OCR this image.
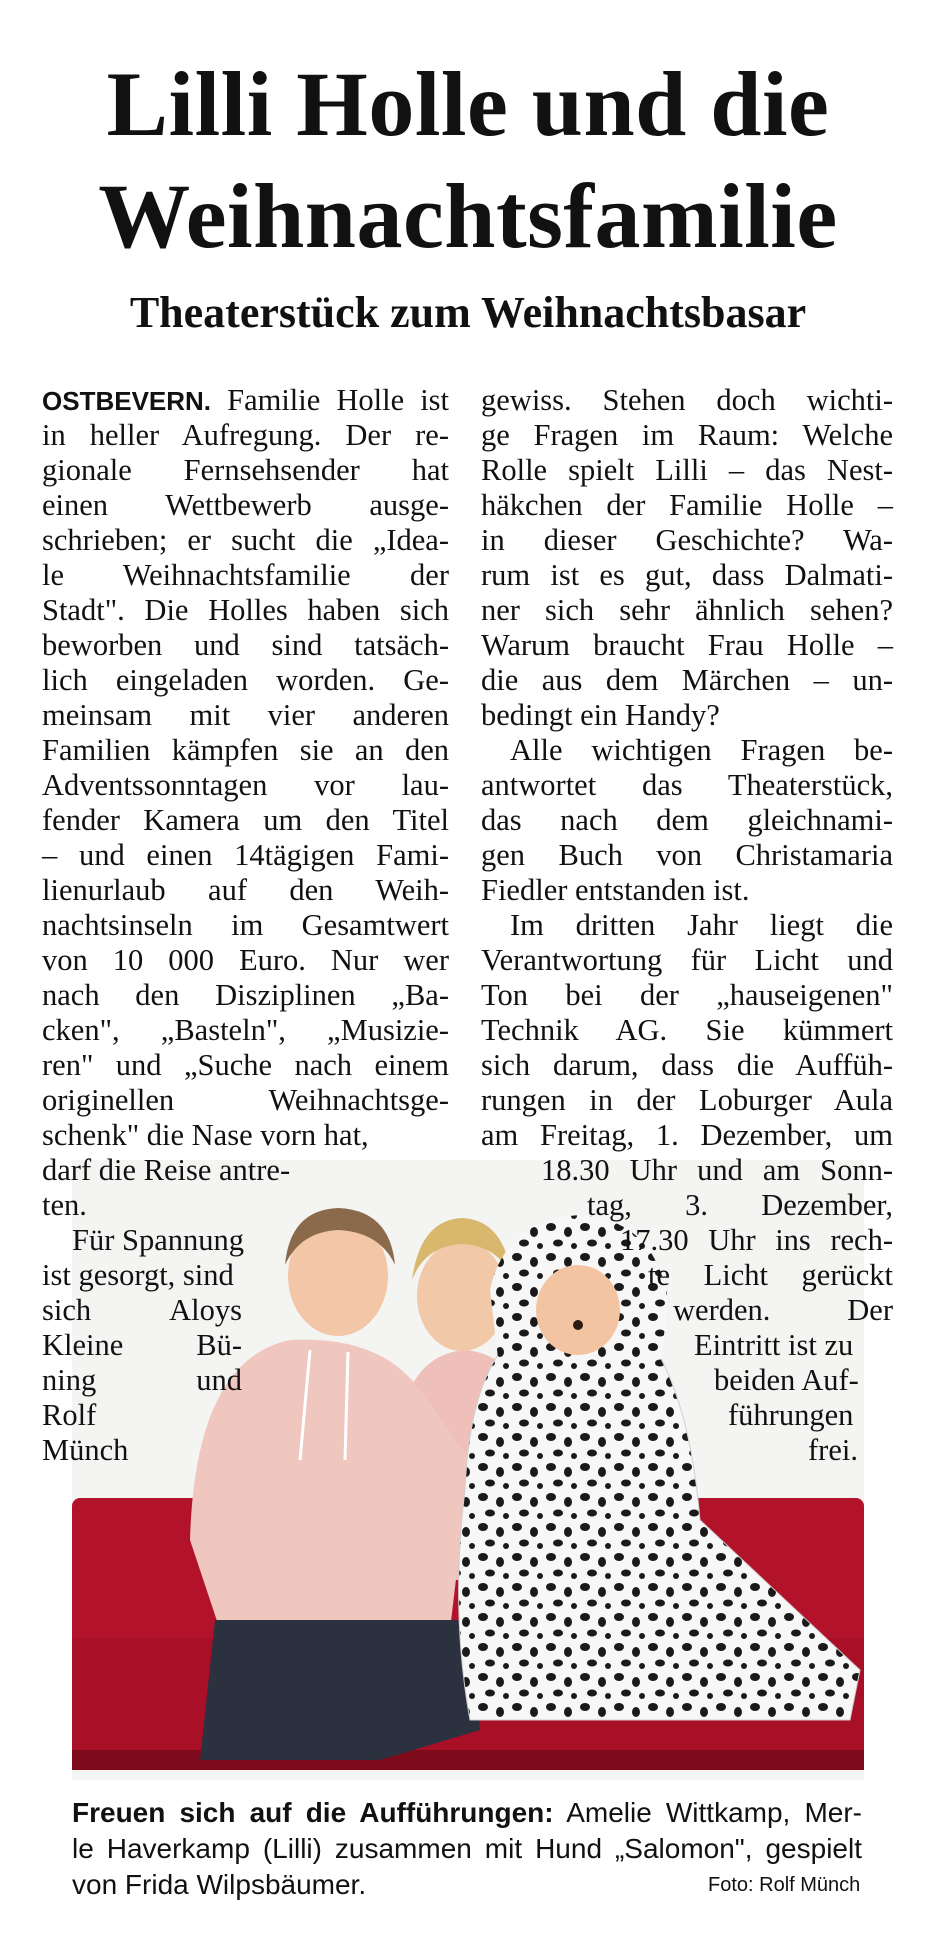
Lilli Holle und die
Weihnachtsfamilie
Theaterstück zum Weihnachtsbasar
OSTBEVERN. Familie Holle ist
in heller Aufregung. Der re-
gionale Fernsehsender hat
einen Wettbewerb ausge-
schrieben; er sucht die „Idea-
le Weihnachtsfamilie der
Stadt". Die Holles haben sich
beworben und sind tatsäch-
lich eingeladen worden. Ge-
meinsam mit vier anderen
Familien kämpfen sie an den
Adventssonntagen vor lau-
fender Kamera um den Titel
– und einen 14tägigen Fami-
lienurlaub auf den Weih-
nachtsinseln im Gesamtwert
von 10 000 Euro. Nur wer
nach den Disziplinen „Ba-
cken", „Basteln", „Musizie-
ren" und „Suche nach einem
originellen Weihnachtsge-
schenk" die Nase vorn hat,
darf die Reise antre-
ten.
Für Spannung
ist gesorgt, sind
sich Aloys
Kleine Bü-
ning und
Rolf
Münch
gewiss. Stehen doch wichti-
ge Fragen im Raum: Welche
Rolle spielt Lilli – das Nest-
häkchen der Familie Holle –
in dieser Geschichte? Wa-
rum ist es gut, dass Dalmati-
ner sich sehr ähnlich sehen?
Warum braucht Frau Holle –
die aus dem Märchen – un-
bedingt ein Handy?
Alle wichtigen Fragen be-
antwortet das Theaterstück,
das nach dem gleichnami-
gen Buch von Christamaria
Fiedler entstanden ist.
Im dritten Jahr liegt die
Verantwortung für Licht und
Ton bei der „hauseigenen"
Technik AG. Sie kümmert
sich darum, dass die Auffüh-
rungen in der Loburger Aula
am Freitag, 1. Dezember, um
18.30 Uhr und am Sonn-
tag, 3. Dezember,
17.30 Uhr ins rech-
te Licht gerückt
werden. Der
Eintritt ist zu
beiden Auf-
führungen
frei.
Freuen sich auf die Aufführungen: Amelie Wittkamp, Mer-
le Haverkamp (Lilli) zusammen mit Hund „Salomon", gespielt
von Frida Wilpsbäumer.	Foto: Rolf Münch
